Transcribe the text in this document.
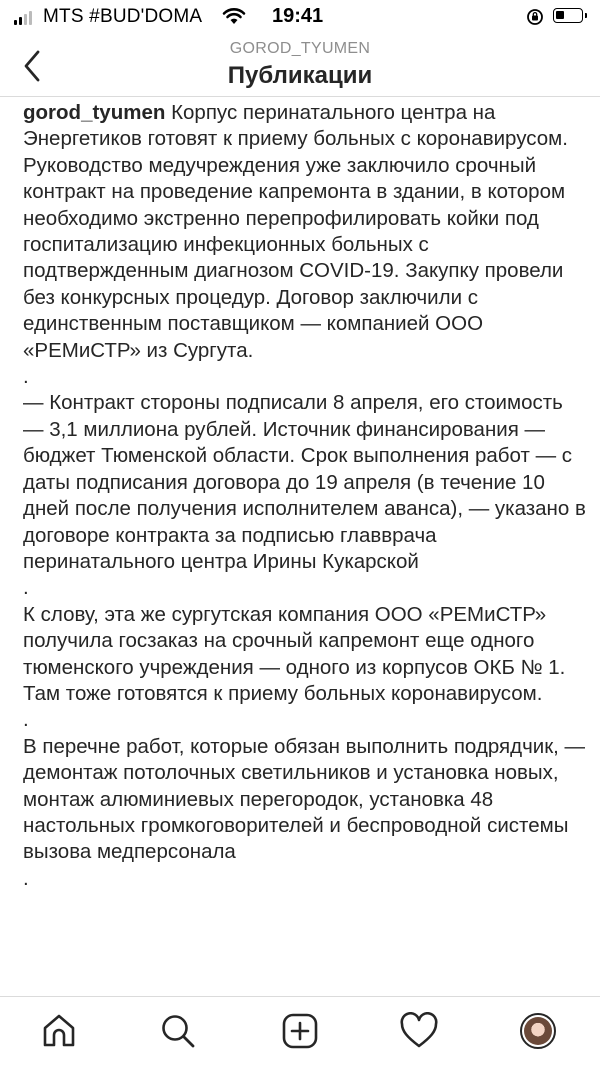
MTS #BUD'DOMA	19:41
GOROD_TYUMEN
Публикации

gorod_tyumen Корпус перинатального центра на Энергетиков готовят к приему больных с коронавирусом. Руководство медучреждения уже заключило срочный контракт на проведение капремонта в здании, в котором необходимо экстренно перепрофилировать койки под госпитализацию инфекционных больных с подтвержденным диагнозом COVID-19. Закупку провели без конкурсных процедур. Договор заключили с единственным поставщиком — компанией ООО «РЕМиСТР» из Сургута.
.
— Контракт стороны подписали 8 апреля, его стоимость — 3,1 миллиона рублей. Источник финансирования — бюджет Тюменской области. Срок выполнения работ — с даты подписания договора до 19 апреля (в течение 10 дней после получения исполнителем аванса), — указано в договоре контракта за подписью главврача перинатального центра Ирины Кукарской
.
К слову, эта же сургутская компания ООО «РЕМиСТР» получила госзаказ на срочный капремонт еще одного тюменского учреждения — одного из корпусов ОКБ № 1. Там тоже готовятся к приему больных коронавирусом.
.
В перечне работ, которые обязан выполнить подрядчик, — демонтаж потолочных светильников и установка новых, монтаж алюминиевых перегородок, установка 48 настольных громкоговорителей и беспроводной системы вызова медперсонала
.
